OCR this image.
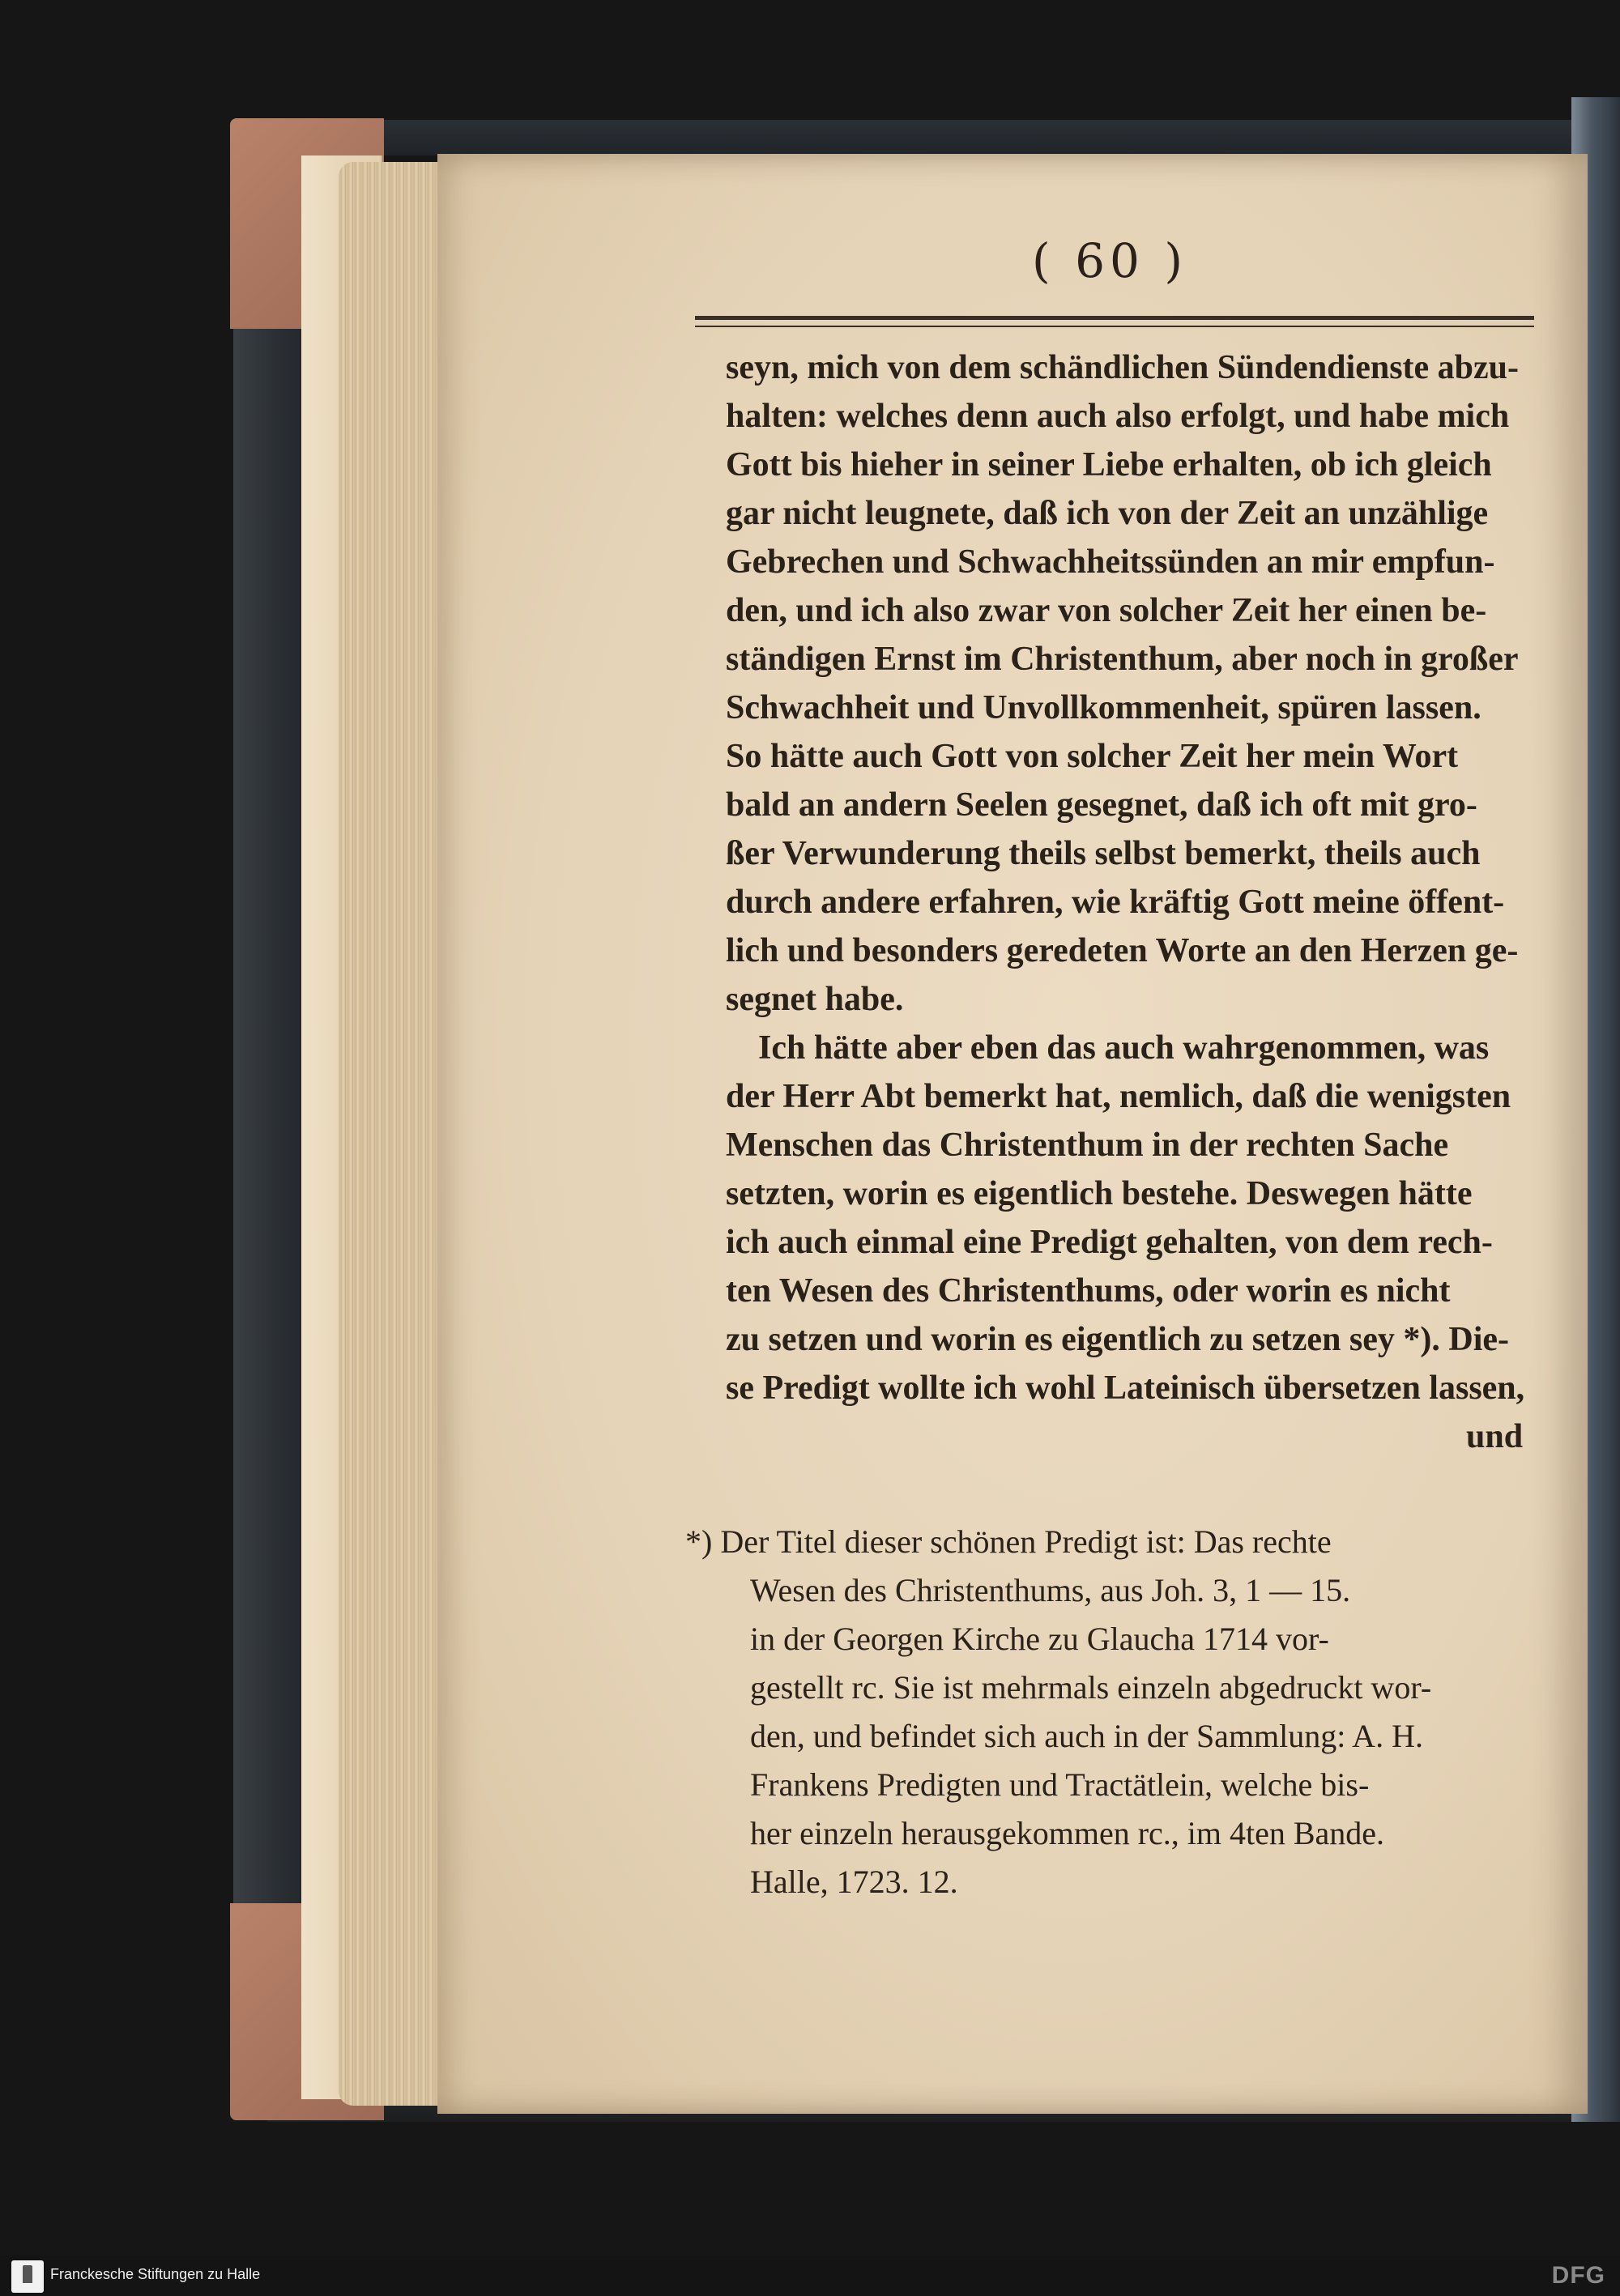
( 60 )
seyn, mich von dem schändlichen Sündendienste abzu-
halten: welches denn auch also erfolgt, und habe mich
Gott bis hieher in seiner Liebe erhalten, ob ich gleich
gar nicht leugnete, daß ich von der Zeit an unzählige
Gebrechen und Schwachheitssünden an mir empfun-
den, und ich also zwar von solcher Zeit her einen be-
ständigen Ernst im Christenthum, aber noch in großer
Schwachheit und Unvollkommenheit, spüren lassen.
So hätte auch Gott von solcher Zeit her mein Wort
bald an andern Seelen gesegnet, daß ich oft mit gro-
ßer Verwunderung theils selbst bemerkt, theils auch
durch andere erfahren, wie kräftig Gott meine öffent-
lich und besonders geredeten Worte an den Herzen ge-
segnet habe.
Ich hätte aber eben das auch wahrgenommen, was
der Herr Abt bemerkt hat, nemlich, daß die wenigsten
Menschen das Christenthum in der rechten Sache
setzten, worin es eigentlich bestehe. Deswegen hätte
ich auch einmal eine Predigt gehalten, von dem rech-
ten Wesen des Christenthums, oder worin es nicht
zu setzen und worin es eigentlich zu setzen sey *). Die-
se Predigt wollte ich wohl Lateinisch übersetzen lassen,
und
*) Der Titel dieser schönen Predigt ist: Das rechte
Wesen des Christenthums, aus Joh. 3, 1 — 15.
in der Georgen Kirche zu Glaucha 1714 vor-
gestellt rc. Sie ist mehrmals einzeln abgedruckt wor-
den, und befindet sich auch in der Sammlung: A. H.
Frankens Predigten und Tractätlein, welche bis-
her einzeln herausgekommen rc., im 4ten Bande.
Halle, 1723. 12.
Franckesche Stiftungen zu Halle	DFG
